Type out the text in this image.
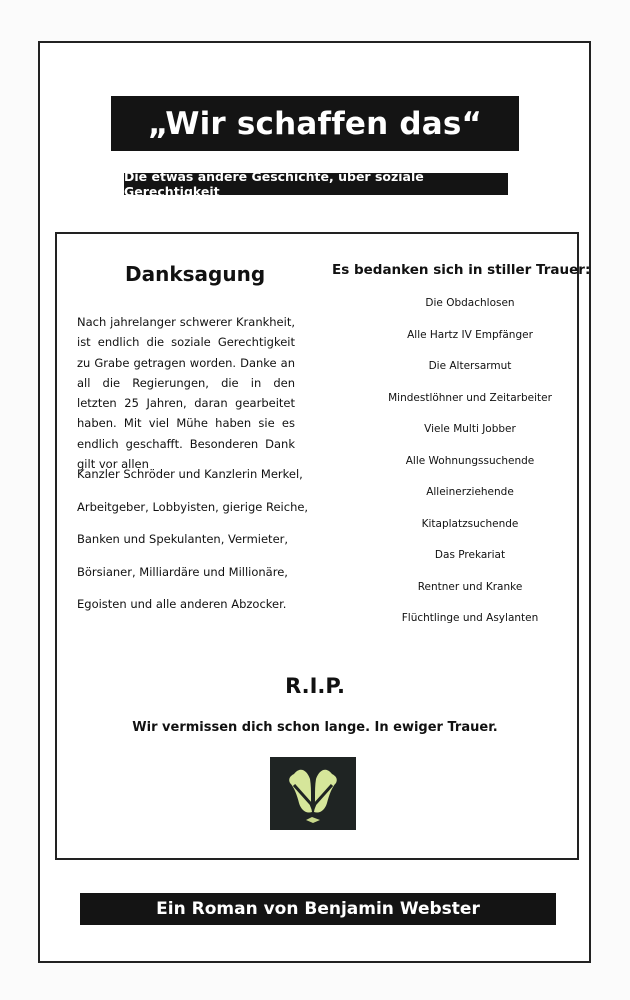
„Wir schaffen das“
Die etwas andere Geschichte, über soziale Gerechtigkeit
Danksagung
Nach jahrelanger schwerer Krankheit, ist endlich die soziale Gerechtigkeit zu Grabe getragen worden. Danke an all die Regierungen, die in den letzten 25 Jahren, daran gearbeitet haben. Mit viel Mühe haben sie es endlich geschafft. Besonderen Dank gilt vor allen
Kanzler Schröder und Kanzlerin Merkel,
Arbeitgeber, Lobbyisten, gierige Reiche,
Banken und Spekulanten, Vermieter,
Börsianer, Milliardäre und Millionäre,
Egoisten und alle anderen Abzocker.
Es bedanken sich in stiller Trauer:
Die Obdachlosen
Alle Hartz IV Empfänger
Die Altersarmut
Mindestlöhner und Zeitarbeiter
Viele Multi Jobber
Alle Wohnungssuchende
Alleinerziehende
Kitaplatzsuchende
Das Prekariat
Rentner und Kranke
Flüchtlinge und Asylanten
R.I.P.
Wir vermissen dich schon lange. In ewiger Trauer.
Ein Roman von Benjamin Webster
